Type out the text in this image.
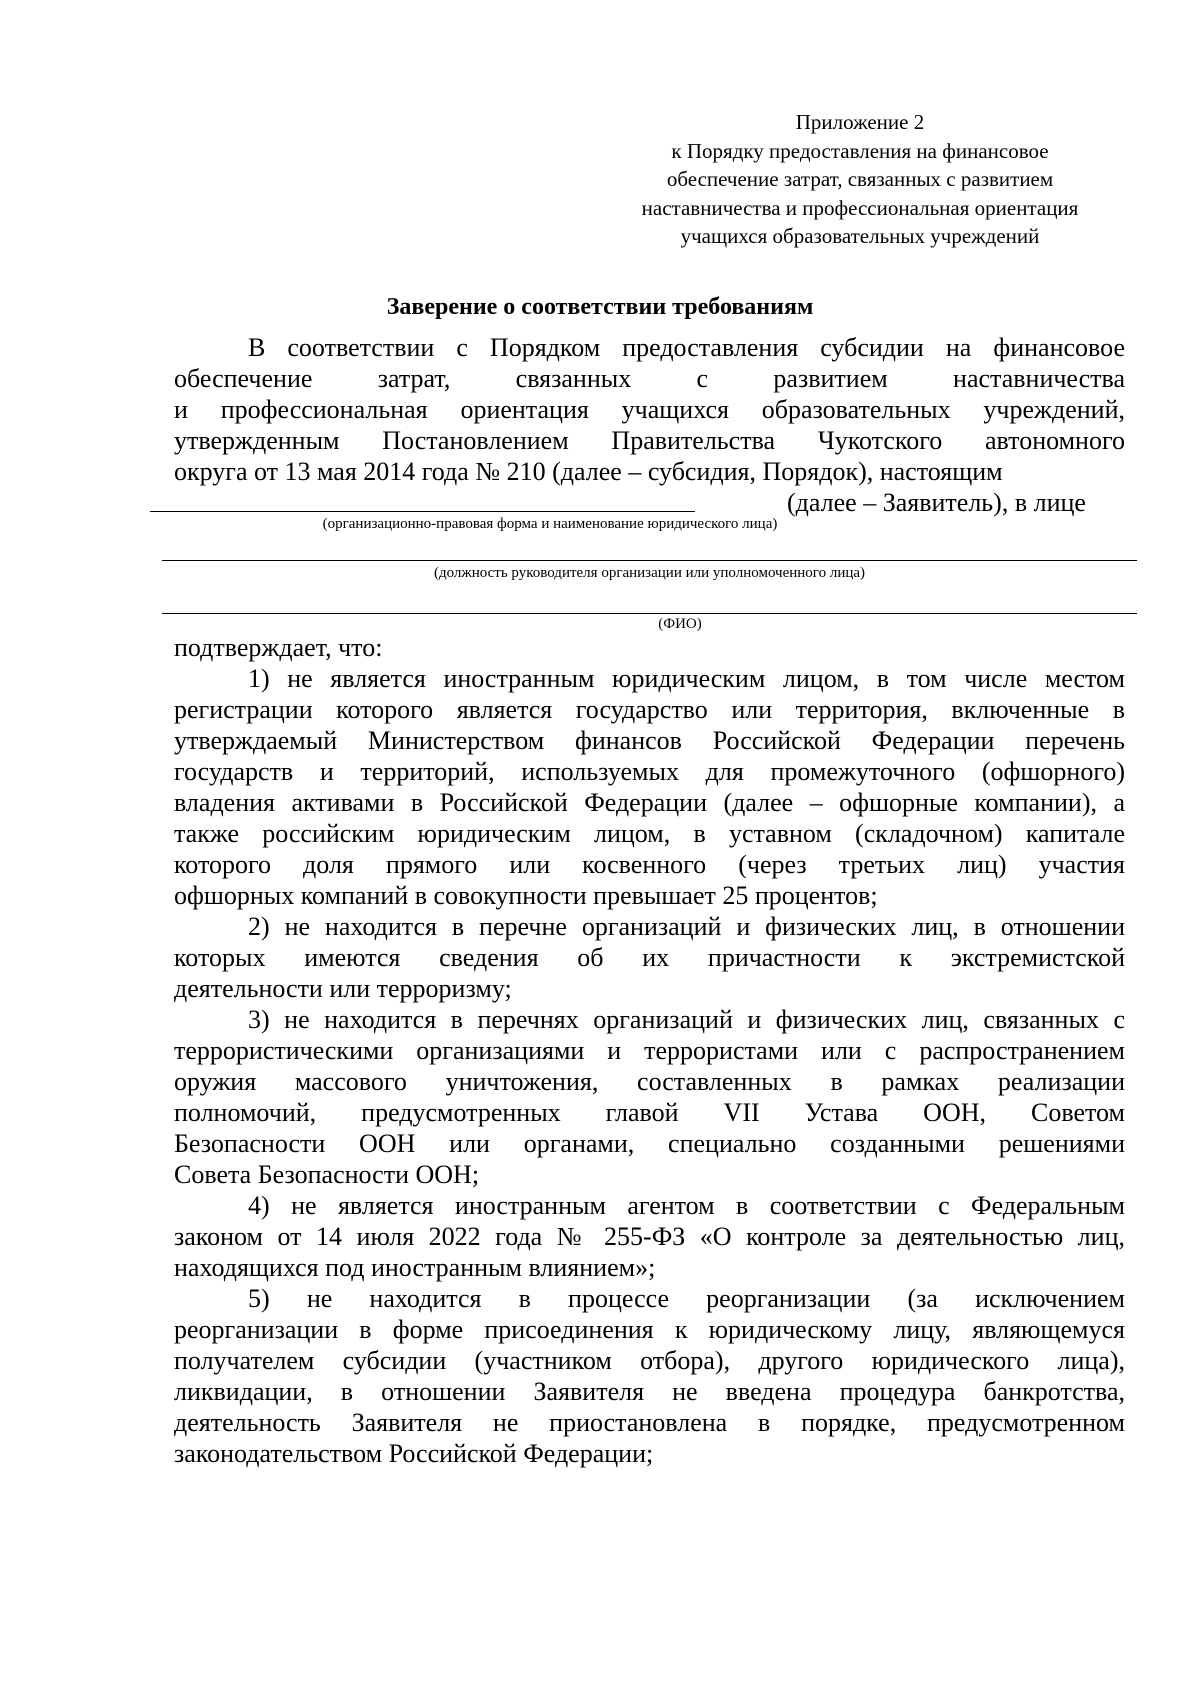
Приложение 2
к Порядку предоставления на финансовое
обеспечение затрат, связанных с развитием
наставничества и профессиональная ориентация
учащихся образовательных учреждений
Заверение о соответствии требованиям
В соответствии с Порядком предоставления субсидии на финансовое
обеспечение затрат, связанных с развитием наставничества
и профессиональная ориентация учащихся образовательных учреждений,
утвержденным Постановлением Правительства Чукотского автономного
округа от 13 мая 2014 года № 210 (далее – субсидия, Порядок), настоящим
(далее – Заявитель), в лице
(организационно-правовая форма и наименование юридического лица)
(должность руководителя организации или уполномоченного лица)
(ФИО)
подтверждает, что:
1) не является иностранным юридическим лицом, в том числе местом
регистрации которого является государство или территория, включенные в
утверждаемый Министерством финансов Российской Федерации перечень
государств и территорий, используемых для промежуточного (офшорного)
владения активами в Российской Федерации (далее – офшорные компании), а
также российским юридическим лицом, в уставном (складочном) капитале
которого доля прямого или косвенного (через третьих лиц) участия
офшорных компаний в совокупности превышает 25 процентов;
2) не находится в перечне организаций и физических лиц, в отношении
которых имеются сведения об их причастности к экстремистской
деятельности или терроризму;
3) не находится в перечнях организаций и физических лиц, связанных с
террористическими организациями и террористами или с распространением
оружия массового уничтожения, составленных в рамках реализации
полномочий, предусмотренных главой VII Устава ООН, Советом
Безопасности ООН или органами, специально созданными решениями
Совета Безопасности ООН;
4) не является иностранным агентом в соответствии с Федеральным
законом от 14 июля 2022 года № 255-ФЗ «О контроле за деятельностью лиц,
находящихся под иностранным влиянием»;
5) не находится в процессе реорганизации (за исключением
реорганизации в форме присоединения к юридическому лицу, являющемуся
получателем субсидии (участником отбора), другого юридического лица),
ликвидации, в отношении Заявителя не введена процедура банкротства,
деятельность Заявителя не приостановлена в порядке, предусмотренном
законодательством Российской Федерации;
